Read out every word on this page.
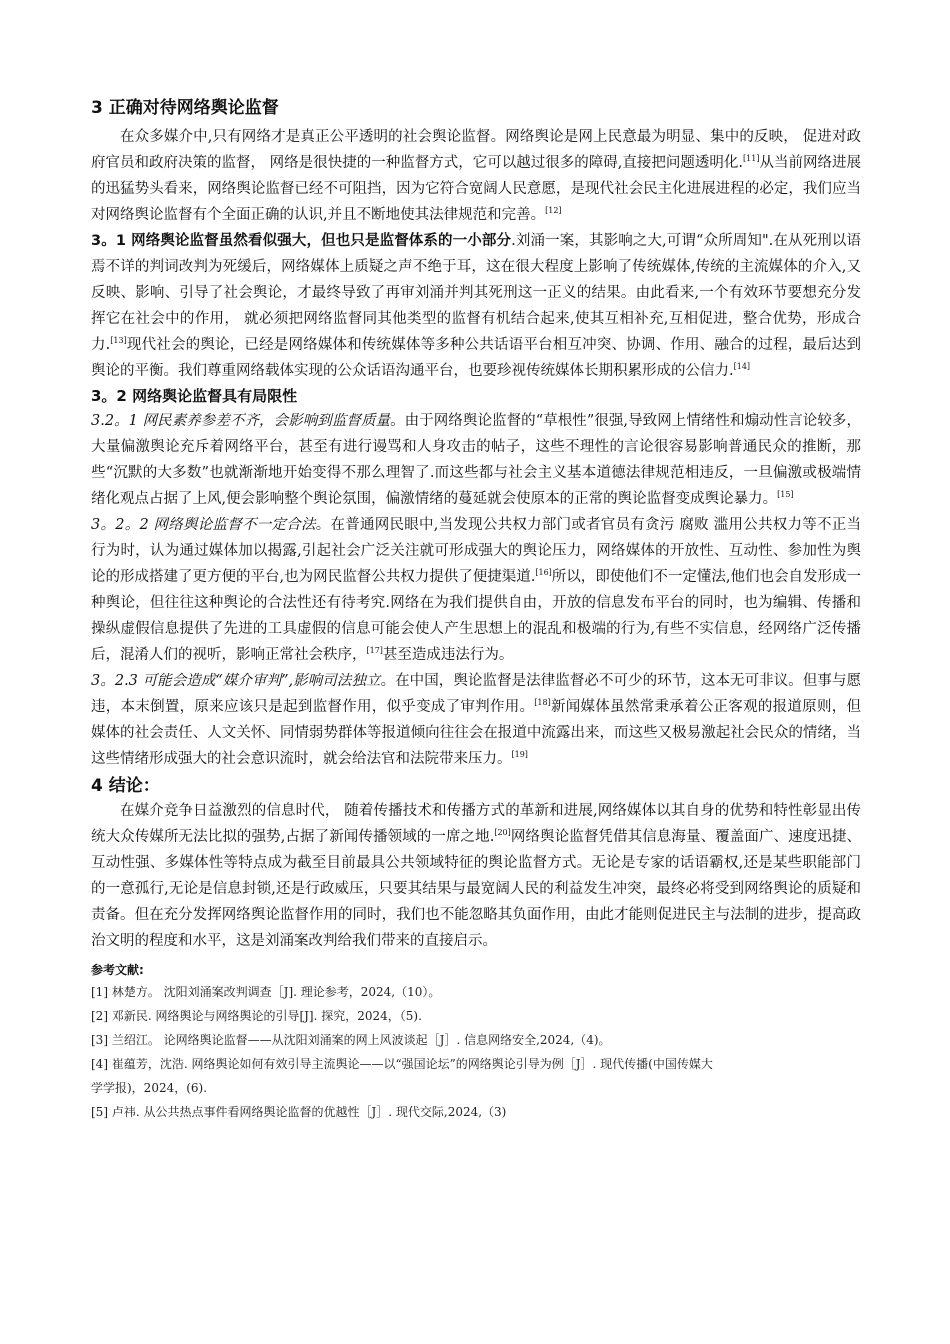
3 正确对待网络舆论监督

在众多媒介中,只有网络才是真正公平透明的社会舆论监督。网络舆论是网上民意最为明显、集中的反映， 促进对政府官员和政府决策的监督， 网络是很快捷的一种监督方式，它可以越过很多的障碍,直接把问题透明化.[11]从当前网络进展的迅猛势头看来，网络舆论监督已经不可阻挡，因为它符合宽阔人民意愿，是现代社会民主化进展进程的必定，我们应当对网络舆论监督有个全面正确的认识,并且不断地使其法律规范和完善。[12]

3。1 网络舆论监督虽然看似强大，但也只是监督体系的一小部分.刘涌一案，其影响之大,可谓“众所周知".在从死刑以语焉不详的判词改判为死缓后，网络媒体上质疑之声不绝于耳，这在很大程度上影响了传统媒体,传统的主流媒体的介入,又反映、影响、引导了社会舆论，才最终导致了再审刘涌并判其死刑这一正义的结果。由此看来,一个有效环节要想充分发挥它在社会中的作用， 就必须把网络监督同其他类型的监督有机结合起来,使其互相补充,互相促进，整合优势，形成合力.[13]现代社会的舆论，已经是网络媒体和传统媒体等多种公共话语平台相互冲突、协调、作用、融合的过程，最后达到舆论的平衡。我们尊重网络载体实现的公众话语沟通平台，也要珍视传统媒体长期积累形成的公信力.[14]

3。2 网络舆论监督具有局限性

3.2。1 网民素养参差不齐，会影响到监督质量。由于网络舆论监督的“草根性”很强,导致网上情绪性和煽动性言论较多，大量偏激舆论充斥着网络平台，甚至有进行谩骂和人身攻击的帖子，这些不理性的言论很容易影响普通民众的推断，那些“沉默的大多数”也就渐渐地开始变得不那么理智了.而这些都与社会主义基本道德法律规范相违反，一旦偏激或极端情绪化观点占据了上风,便会影响整个舆论氛围，偏激情绪的蔓延就会使原本的正常的舆论监督变成舆论暴力。[15]

3。2。2 网络舆论监督不一定合法。在普通网民眼中,当发现公共权力部门或者官员有贪污 腐败 滥用公共权力等不正当行为时，认为通过媒体加以揭露,引起社会广泛关注就可形成强大的舆论压力，网络媒体的开放性、互动性、参加性为舆论的形成搭建了更方便的平台,也为网民监督公共权力提供了便捷渠道.[16]所以，即使他们不一定懂法,他们也会自发形成一种舆论，但往往这种舆论的合法性还有待考究.网络在为我们提供自由，开放的信息发布平台的同时，也为编辑、传播和操纵虚假信息提供了先进的工具虚假的信息可能会使人产生思想上的混乱和极端的行为,有些不实信息，经网络广泛传播后，混淆人们的视听，影响正常社会秩序，[17]甚至造成违法行为。

3。2.3 可能会造成“媒介审判”,影响司法独立。在中国，舆论监督是法律监督必不可少的环节，这本无可非议。但事与愿违，本末倒置，原来应该只是起到监督作用，似乎变成了审判作用。[18]新闻媒体虽然常秉承着公正客观的报道原则，但媒体的社会责任、人文关怀、同情弱势群体等报道倾向往往会在报道中流露出来，而这些又极易激起社会民众的情绪，当这些情绪形成强大的社会意识流时，就会给法官和法院带来压力。[19]

4 结论：

在媒介竞争日益激烈的信息时代， 随着传播技术和传播方式的革新和进展,网络媒体以其自身的优势和特性彰显出传统大众传媒所无法比拟的强势,占据了新闻传播领域的一席之地.[20]网络舆论监督凭借其信息海量、覆盖面广、速度迅捷、互动性强、多媒体性等特点成为截至目前最具公共领域特征的舆论监督方式。无论是专家的话语霸权,还是某些职能部门的一意孤行,无论是信息封锁,还是行政威压，只要其结果与最宽阔人民的利益发生冲突，最终必将受到网络舆论的质疑和责备。但在充分发挥网络舆论监督作用的同时，我们也不能忽略其负面作用，由此才能则促进民主与法制的进步，提高政治文明的程度和水平，这是刘涌案改判给我们带来的直接启示。

参考文献:
[1] 林楚方。 沈阳刘涌案改判调查［J]. 理论参考，2024,（10）。
[2] 邓新民. 网络舆论与网络舆论的引导[J]. 探究，2024，（5).
[3] 兰绍江。 论网络舆论监督——从沈阳刘涌案的网上风波谈起［J］. 信息网络安全,2024,（4)。
[4] 崔蕴芳，沈浩. 网络舆论如何有效引导主流舆论——以“强国论坛”的网络舆论引导为例［J］. 现代传播(中国传媒大
学学报)，2024，(6).
[5] 卢祎. 从公共热点事件看网络舆论监督的优越性［J］. 现代交际,2024,（3)
